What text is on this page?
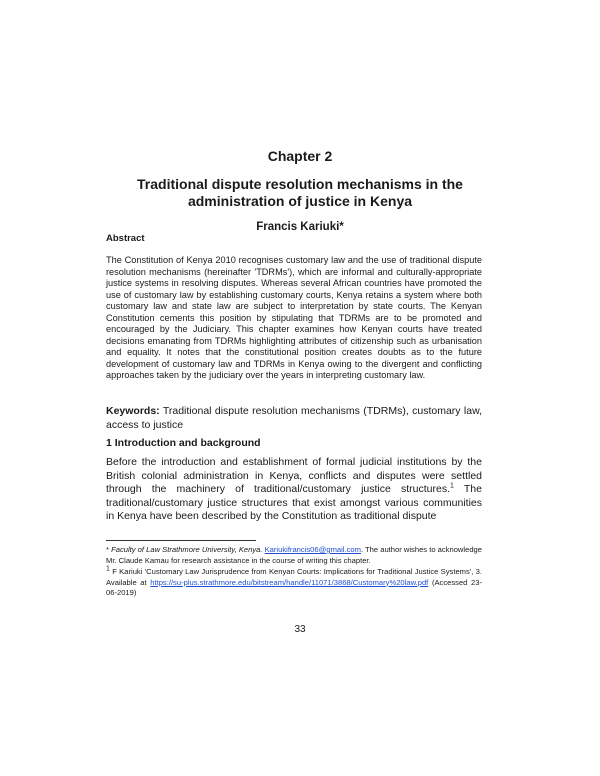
Chapter 2
Traditional dispute resolution mechanisms in the administration of justice in Kenya
Francis Kariuki*
Abstract
The Constitution of Kenya 2010 recognises customary law and the use of traditional dispute resolution mechanisms (hereinafter 'TDRMs'), which are informal and culturally-appropriate justice systems in resolving disputes. Whereas several African countries have promoted the use of customary law by establishing customary courts, Kenya retains a system where both customary law and state law are subject to interpretation by state courts. The Kenyan Constitution cements this position by stipulating that TDRMs are to be promoted and encouraged by the Judiciary. This chapter examines how Kenyan courts have treated decisions emanating from TDRMs highlighting attributes of citizenship such as urbanisation and equality. It notes that the constitutional position creates doubts as to the future development of customary law and TDRMs in Kenya owing to the divergent and conflicting approaches taken by the judiciary over the years in interpreting customary law.
Keywords: Traditional dispute resolution mechanisms (TDRMs), customary law, access to justice
1 Introduction and background
Before the introduction and establishment of formal judicial institutions by the British colonial administration in Kenya, conflicts and disputes were settled through the machinery of traditional/customary justice structures.$^1$ The traditional/customary justice structures that exist amongst various communities in Kenya have been described by the Constitution as traditional dispute
* Faculty of Law Strathmore University, Kenya. Kariukifrancis06@gmail.com. The author wishes to acknowledge Mr. Claude Kamau for research assistance in the course of writing this chapter.
$^1$ F Kariuki 'Customary Law Jurisprudence from Kenyan Courts: Implications for Traditional Justice Systems', 3. Available at https://su-plus.strathmore.edu/bitstream/handle/11071/3868/Customary%20law.pdf (Accessed 23-06-2019)
33
